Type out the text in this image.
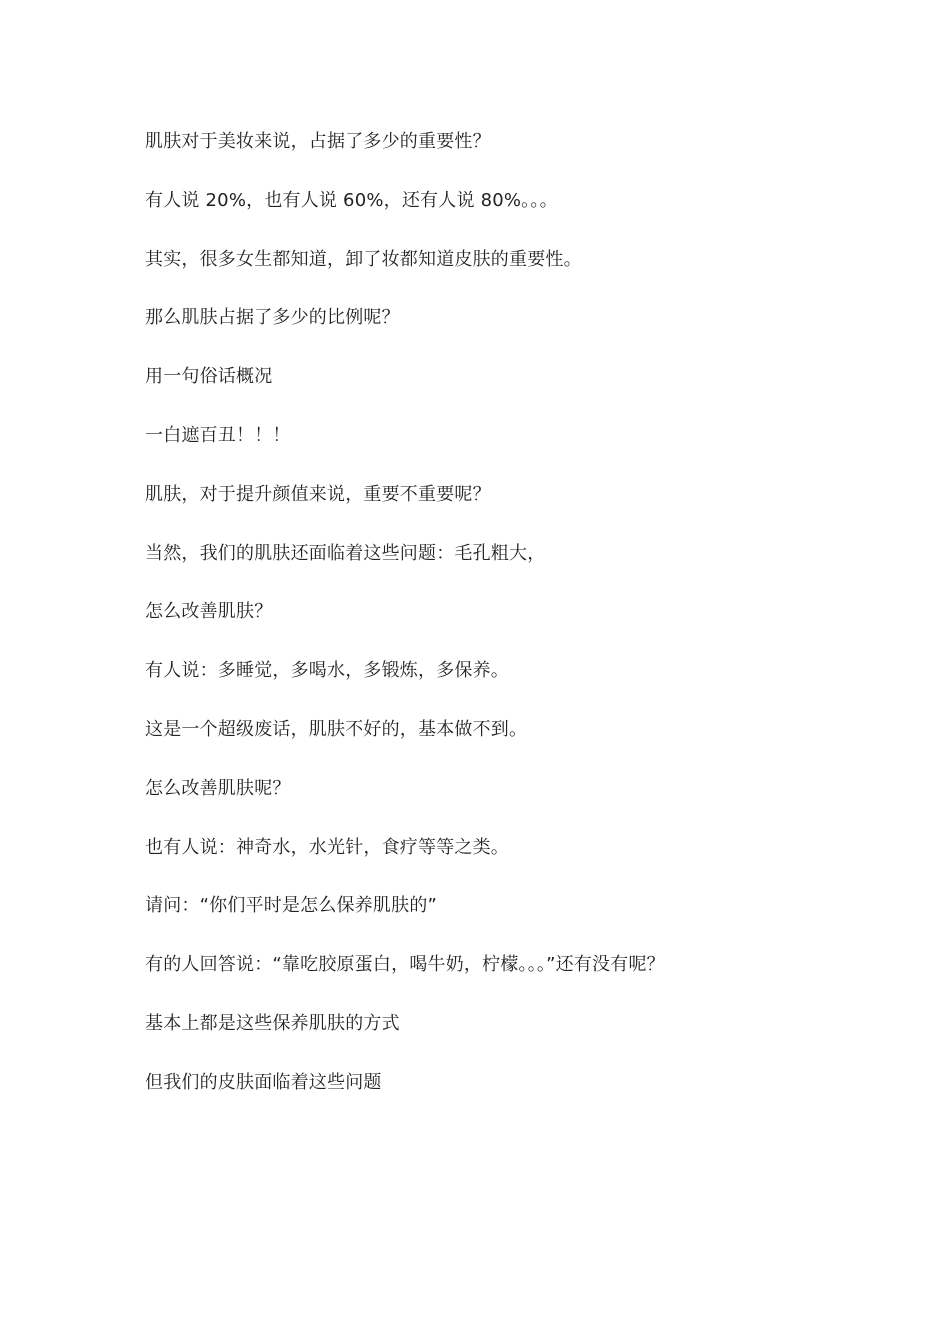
肌肤对于美妆来说，占据了多少的重要性？

有人说 20%，也有人说 60%，还有人说 80%。。。

其实，很多女生都知道，卸了妆都知道皮肤的重要性。

那么肌肤占据了多少的比例呢？

用一句俗话概况

一白遮百丑！！！

肌肤，对于提升颜值来说，重要不重要呢？

当然，我们的肌肤还面临着这些问题：毛孔粗大，

怎么改善肌肤？

有人说：多睡觉，多喝水，多锻炼，多保养。

这是一个超级废话，肌肤不好的，基本做不到。

怎么改善肌肤呢？

也有人说：神奇水，水光针，食疗等等之类。

请问：“你们平时是怎么保养肌肤的”

有的人回答说：“靠吃胶原蛋白，喝牛奶，柠檬。。。”还有没有呢？

基本上都是这些保养肌肤的方式

但我们的皮肤面临着这些问题
